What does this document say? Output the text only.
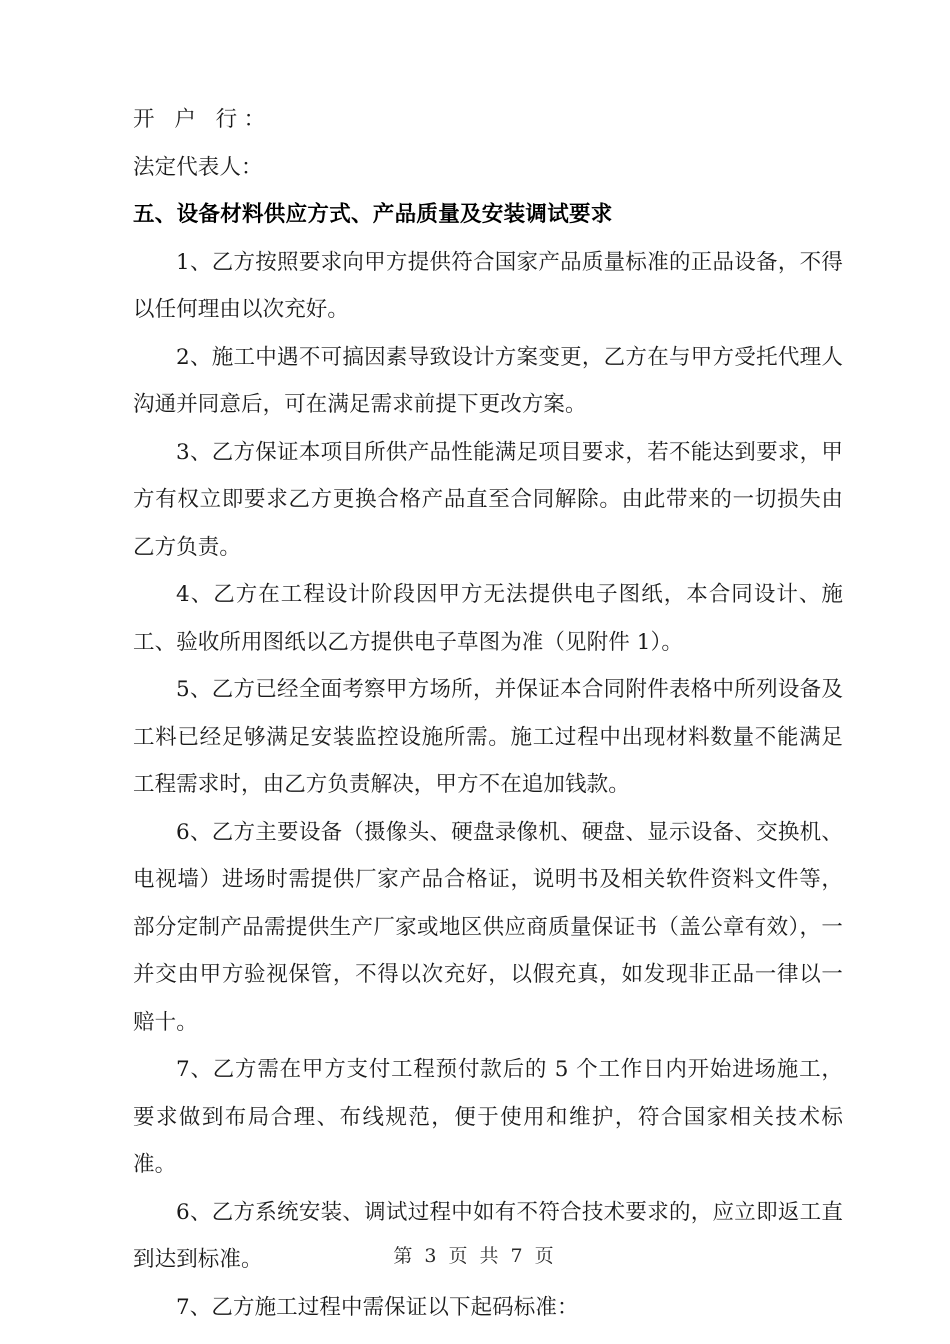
开 户 行：

法定代表人：

五、设备材料供应方式、产品质量及安装调试要求

1、乙方按照要求向甲方提供符合国家产品质量标准的正品设备，不得以任何理由以次充好。

2、施工中遇不可搞因素导致设计方案变更，乙方在与甲方受托代理人沟通并同意后，可在满足需求前提下更改方案。

3、乙方保证本项目所供产品性能满足项目要求，若不能达到要求，甲方有权立即要求乙方更换合格产品直至合同解除。由此带来的一切损失由乙方负责。

4、乙方在工程设计阶段因甲方无法提供电子图纸，本合同设计、施工、验收所用图纸以乙方提供电子草图为准（见附件 1）。

5、乙方已经全面考察甲方场所，并保证本合同附件表格中所列设备及工料已经足够满足安装监控设施所需。施工过程中出现材料数量不能满足工程需求时，由乙方负责解决，甲方不在追加钱款。

6、乙方主要设备（摄像头、硬盘录像机、硬盘、显示设备、交换机、电视墙）进场时需提供厂家产品合格证，说明书及相关软件资料文件等，部分定制产品需提供生产厂家或地区供应商质量保证书（盖公章有效），一并交由甲方验视保管，不得以次充好，以假充真，如发现非正品一律以一赔十。

7、乙方需在甲方支付工程预付款后的 5 个工作日内开始进场施工，要求做到布局合理、布线规范，便于使用和维护，符合国家相关技术标准。

6、乙方系统安装、调试过程中如有不符合技术要求的，应立即返工直到达到标准。

7、乙方施工过程中需保证以下起码标准：

第 3 页 共 7 页
